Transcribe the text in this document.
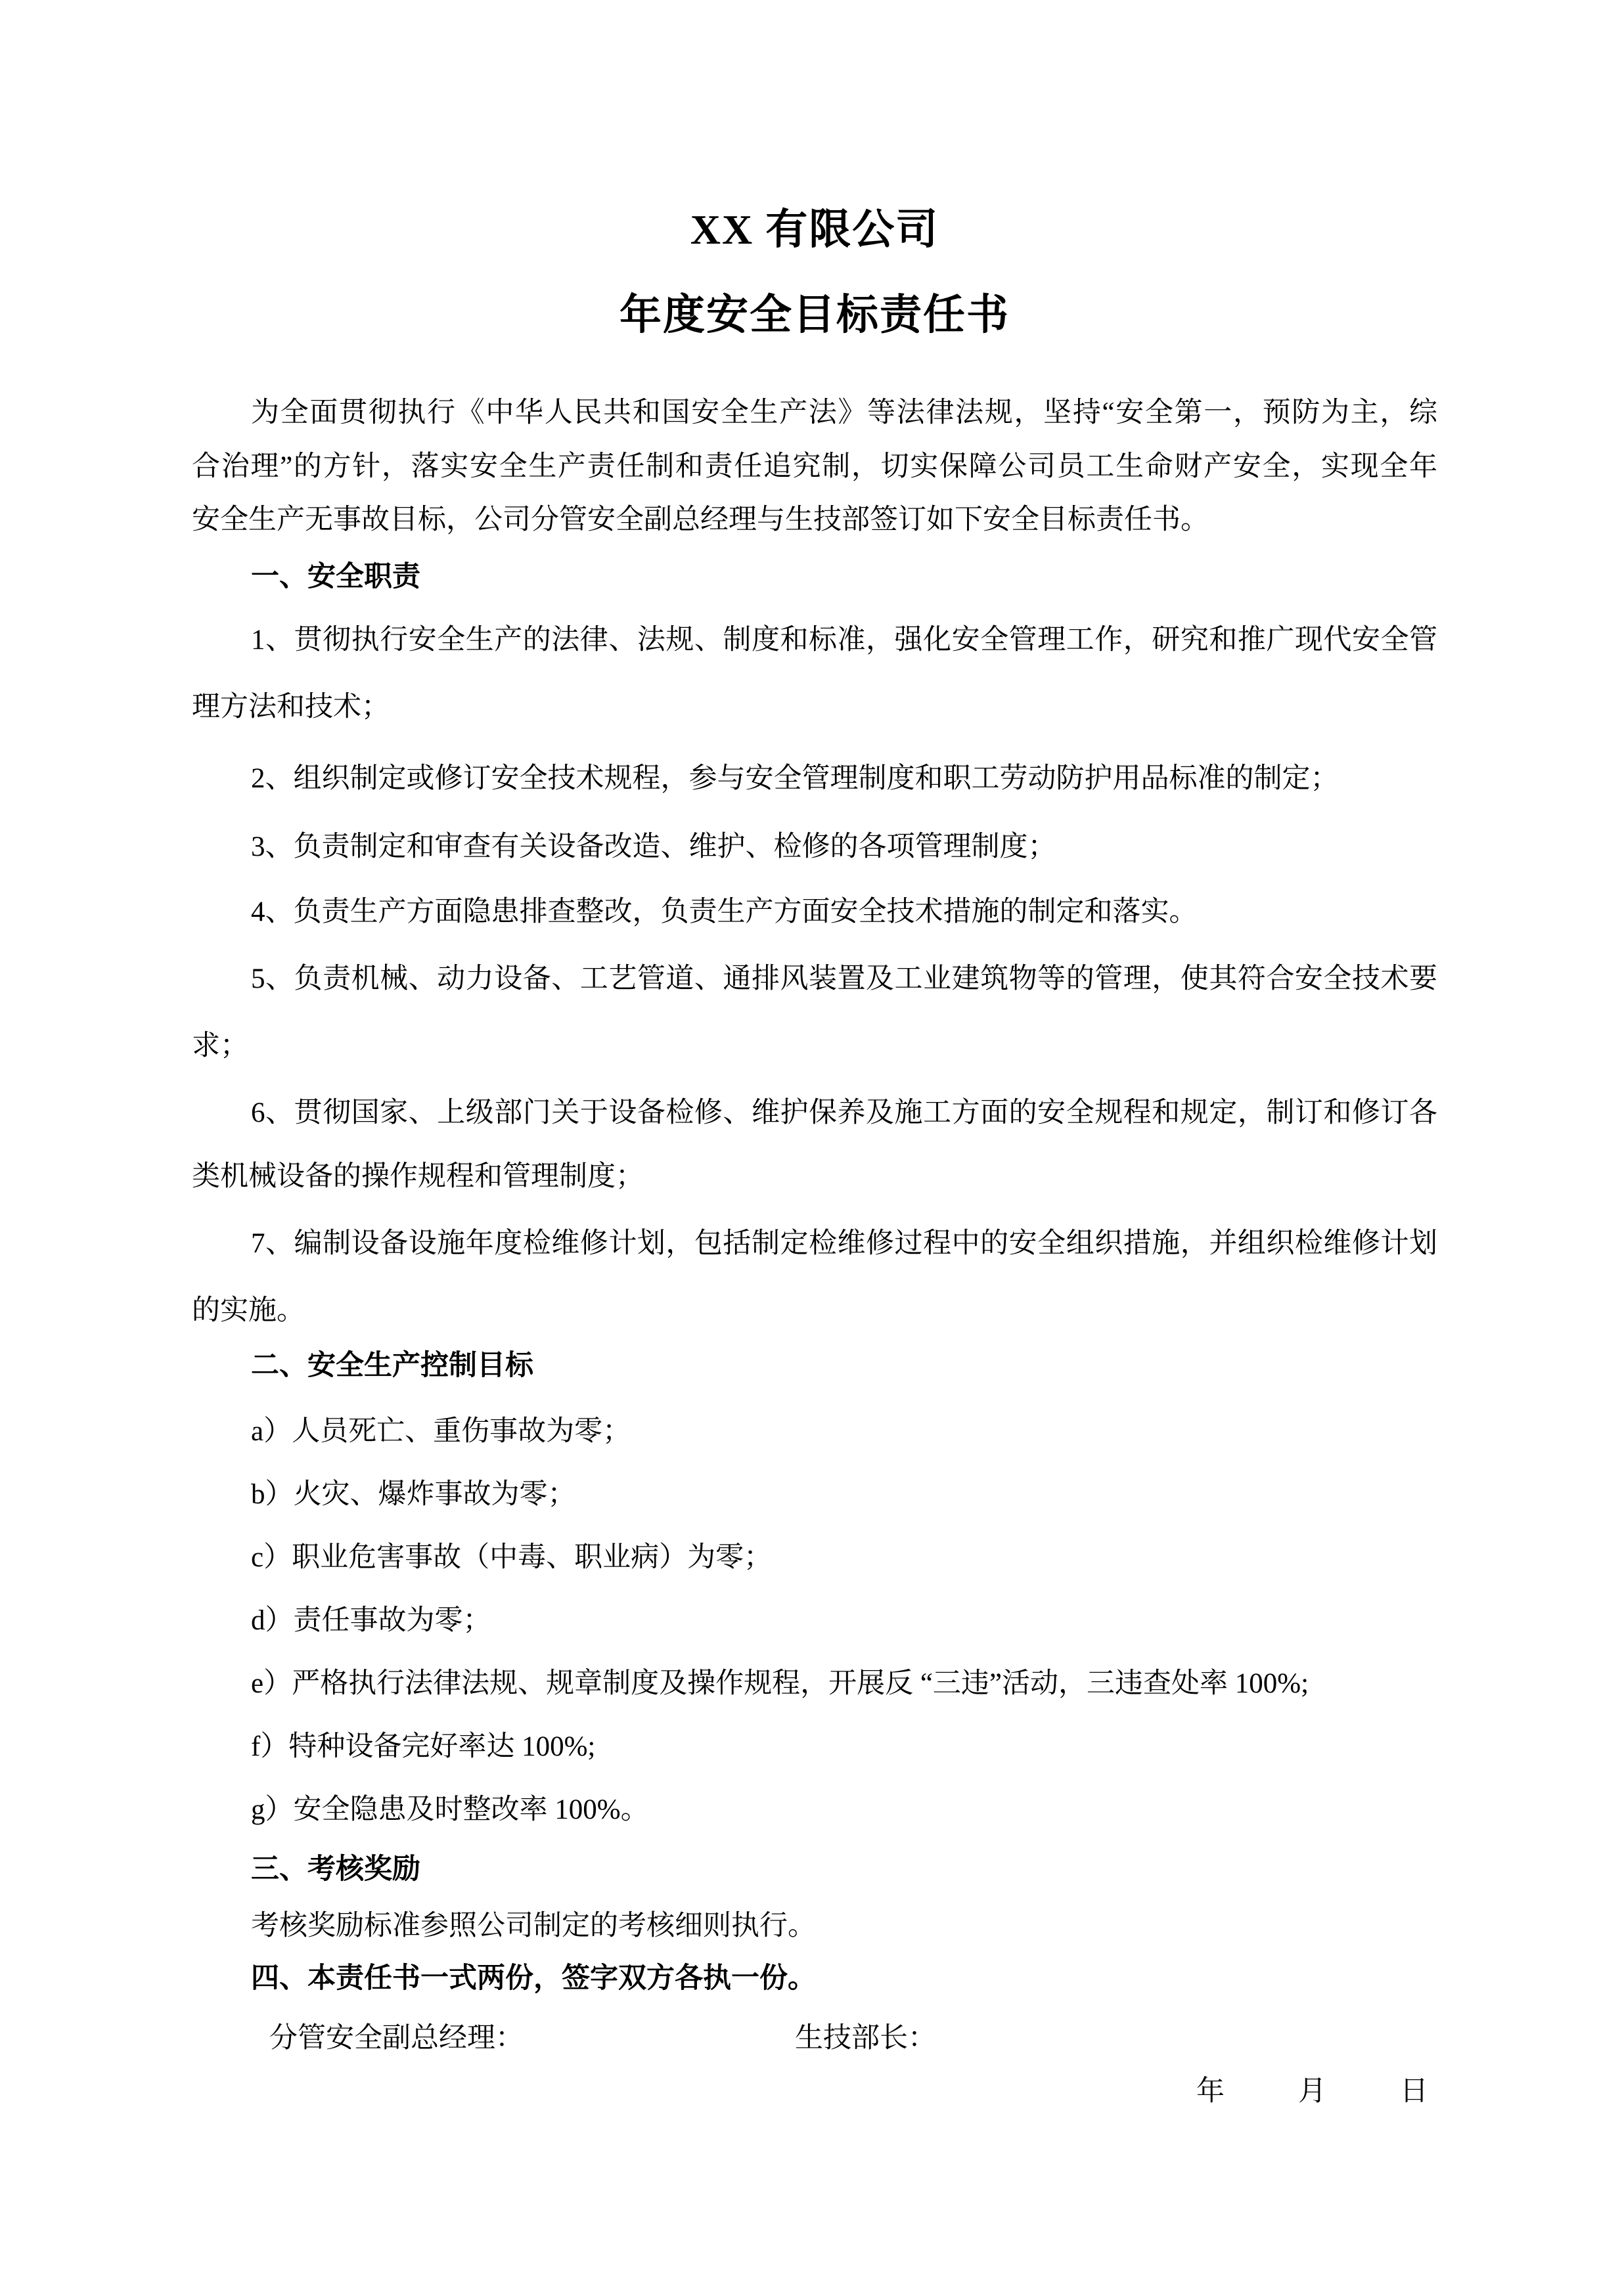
XX 有限公司
年度安全目标责任书
为全面贯彻执行《中华人民共和国安全生产法》等法律法规，坚持“安全第一，预防为主，综
合治理”的方针，落实安全生产责任制和责任追究制，切实保障公司员工生命财产安全，实现全年
安全生产无事故目标，公司分管安全副总经理与生技部签订如下安全目标责任书。
一、安全职责
1、贯彻执行安全生产的法律、法规、制度和标准，强化安全管理工作，研究和推广现代安全管
理方法和技术；
2、组织制定或修订安全技术规程，参与安全管理制度和职工劳动防护用品标准的制定；
3、负责制定和审查有关设备改造、维护、检修的各项管理制度；
4、负责生产方面隐患排查整改，负责生产方面安全技术措施的制定和落实。
5、负责机械、动力设备、工艺管道、通排风装置及工业建筑物等的管理，使其符合安全技术要
求；
6、贯彻国家、上级部门关于设备检修、维护保养及施工方面的安全规程和规定，制订和修订各
类机械设备的操作规程和管理制度；
7、编制设备设施年度检维修计划，包括制定检维修过程中的安全组织措施，并组织检维修计划
的实施。
二、安全生产控制目标
a）人员死亡、重伤事故为零；
b）火灾、爆炸事故为零；
c）职业危害事故（中毒、职业病）为零；
d）责任事故为零；
e）严格执行法律法规、规章制度及操作规程，开展反 “三违”活动，三违查处率 100%;
f）特种设备完好率达 100%;
g）安全隐患及时整改率 100%。
三、考核奖励
考核奖励标准参照公司制定的考核细则执行。
四、本责任书一式两份，签字双方各执一份。
分管安全副总经理：	生技部长：
年	月	日
